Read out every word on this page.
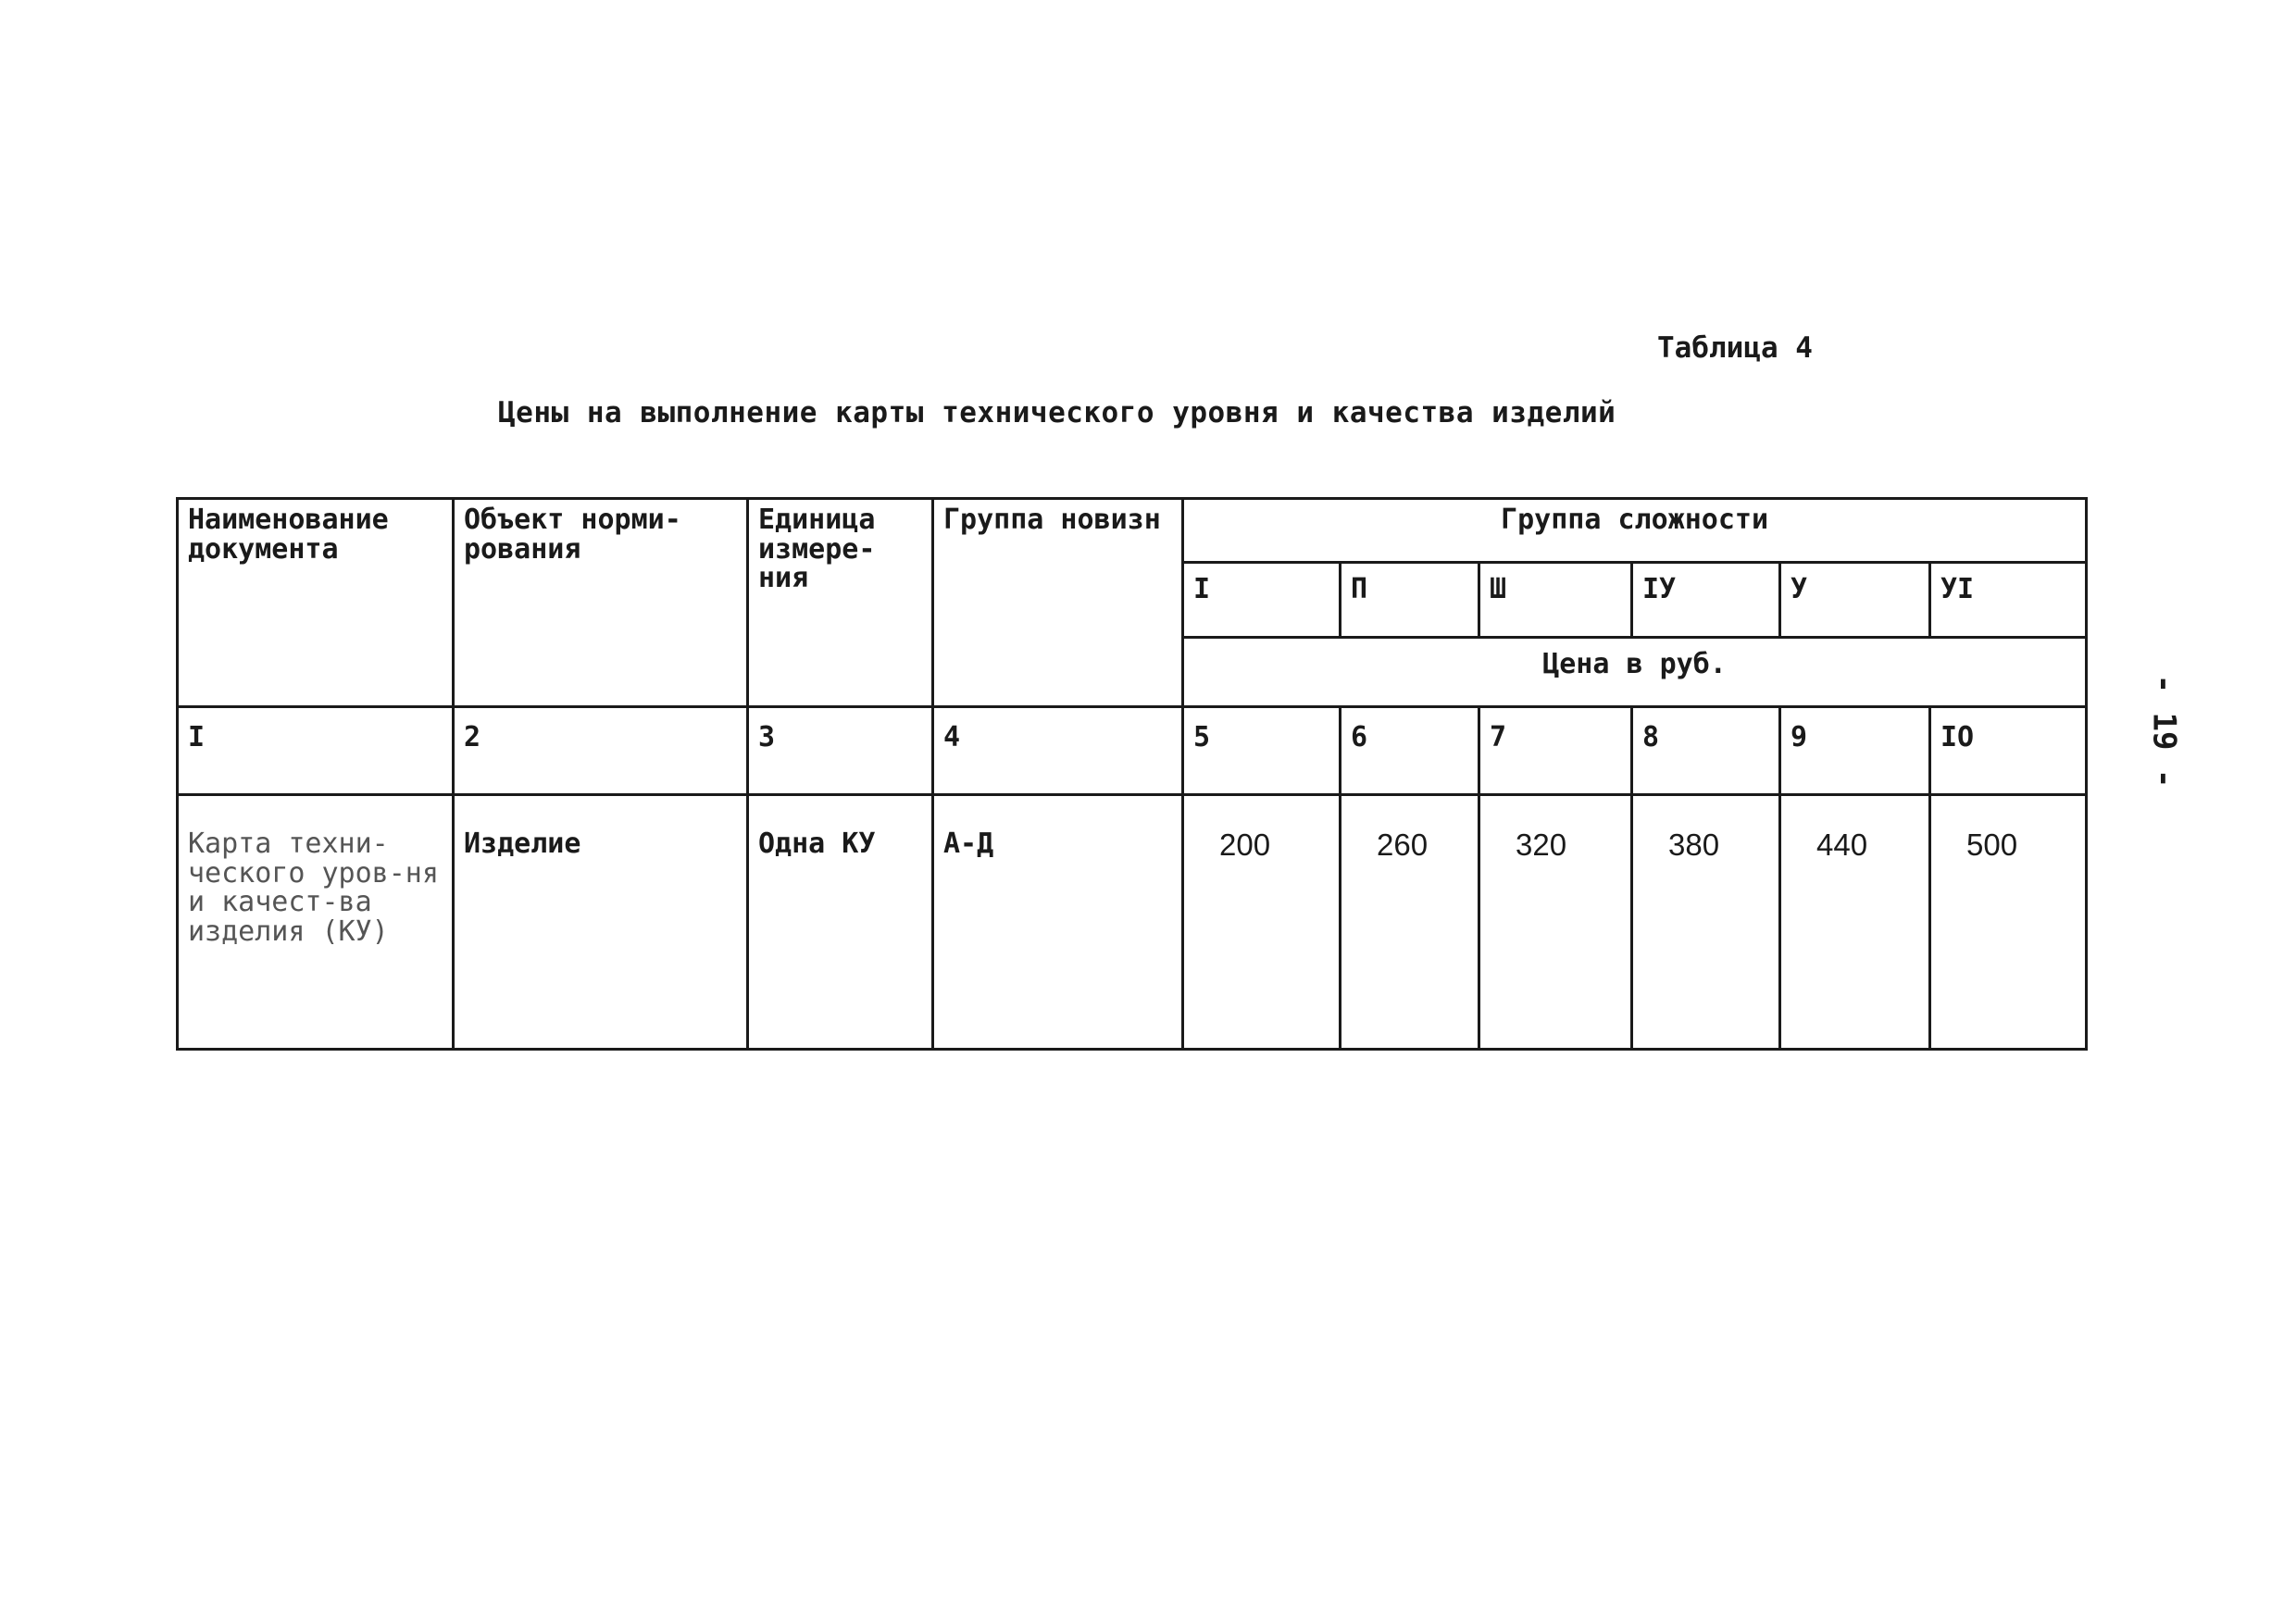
Таблица 4
Цены на выполнение карты технического уровня и качества изделий
- 19 -
Наименование документа	Объект норми-рования	Единица измере-ния	Группа новизн	Группа сложности					
				I	П	Ш	IУ	У	УI
				Цена в руб.					
I	2	3	4	5	6	7	8	9	IO
Карта техни-ческого уров-ня и качест-ва изделия (КУ)	Изделие	Одна КУ	А-Д	200	260	320	380	440	500
